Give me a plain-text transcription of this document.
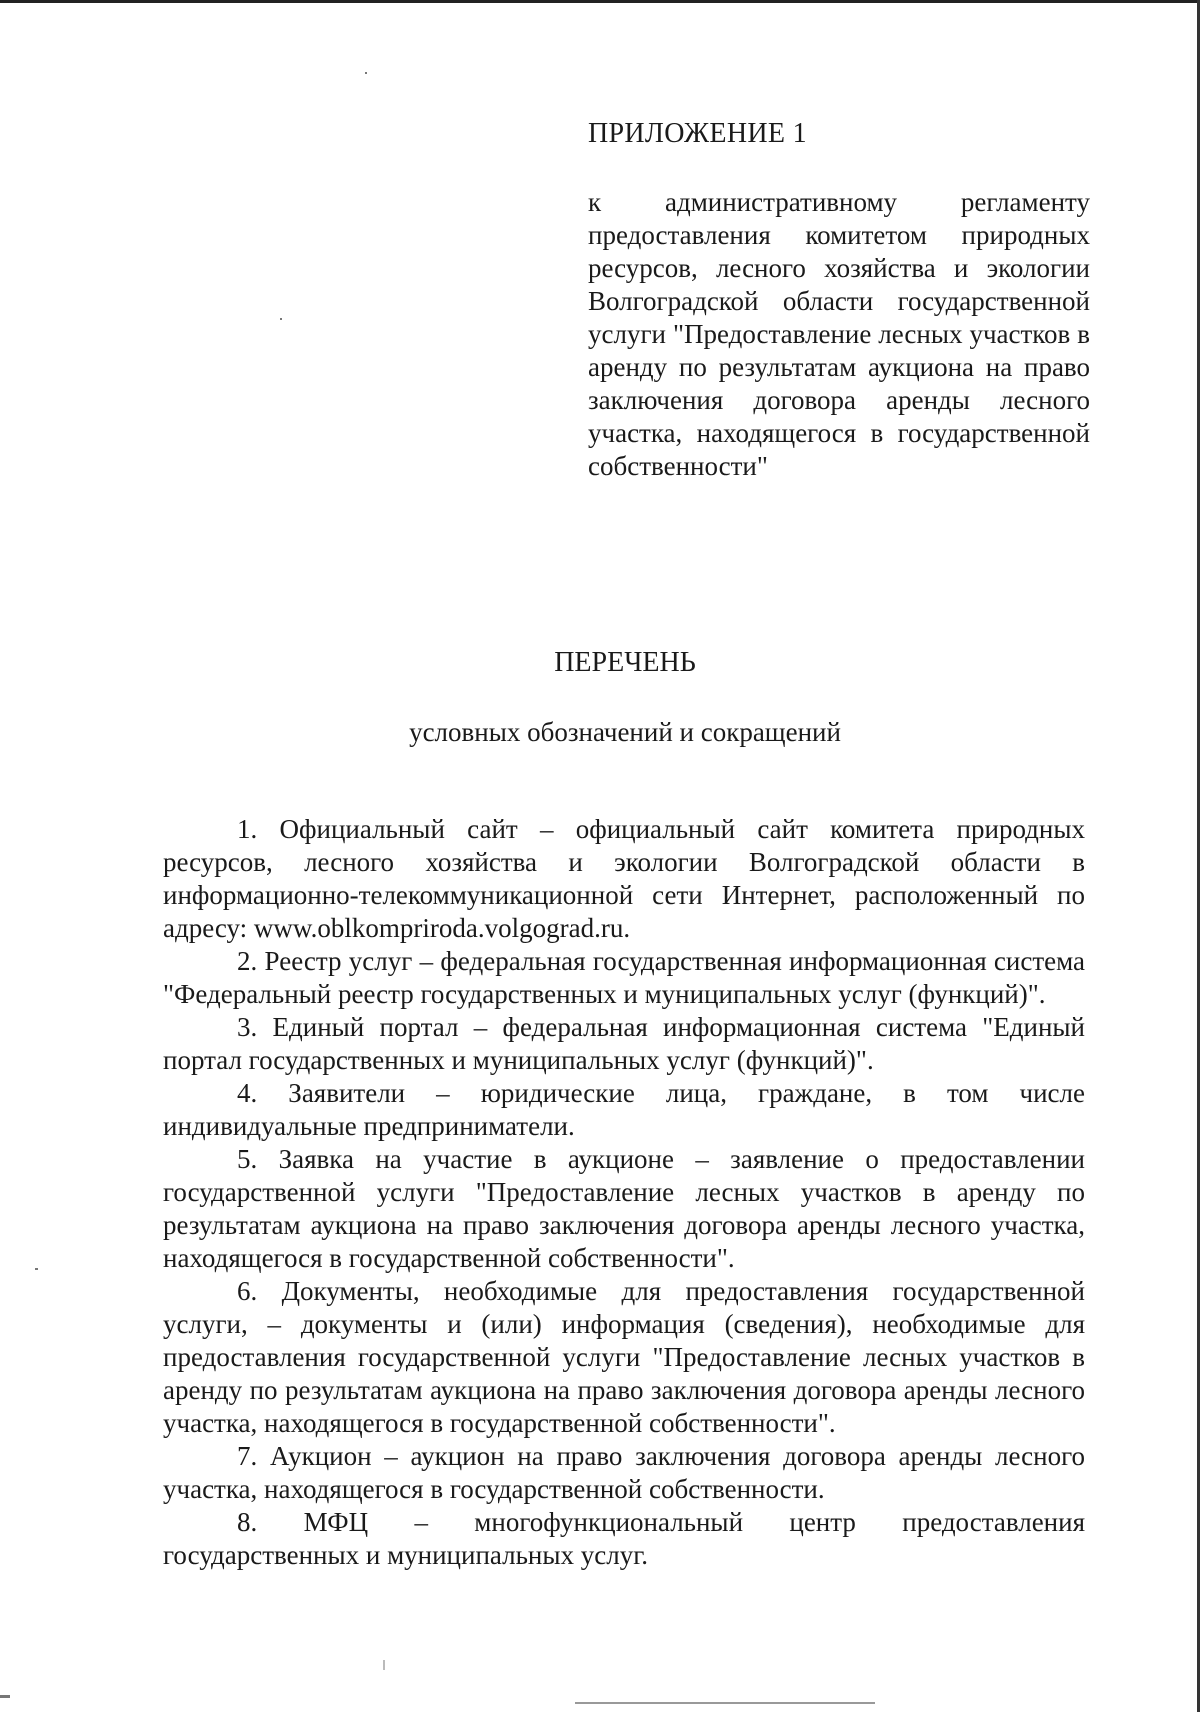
ПРИЛОЖЕНИЕ 1
к административному регламенту предоставления комитетом природных ресурсов, лесного хозяйства и экологии Волгоградской области государственной услуги "Предоставление лесных участков в аренду по результатам аукциона на право заключения договора аренды лесного участка, находящегося в государственной собственности"
ПЕРЕЧЕНЬ
условных обозначений и сокращений

1. Официальный сайт – официальный сайт комитета природных ресурсов, лесного хозяйства и экологии Волгоградской области в информационно-телекоммуникационной сети Интернет, расположенный по адресу: www.oblkompriroda.volgograd.ru.

2. Реестр услуг – федеральная государственная информационная система "Федеральный реестр государственных и муниципальных услуг (функций)".

3. Единый портал – федеральная информационная система "Единый портал государственных и муниципальных услуг (функций)".

4. Заявители – юридические лица, граждане, в том числе индивидуальные предприниматели.

5. Заявка на участие в аукционе – заявление о предоставлении государственной услуги "Предоставление лесных участков в аренду по результатам аукциона на право заключения договора аренды лесного участка, находящегося в государственной собственности".

6. Документы, необходимые для предоставления государственной услуги, – документы и (или) информация (сведения), необходимые для предоставления государственной услуги "Предоставление лесных участков в аренду по результатам аукциона на право заключения договора аренды лесного участка, находящегося в государственной собственности".

7. Аукцион – аукцион на право заключения договора аренды лесного участка, находящегося в государственной собственности.

8. МФЦ – многофункциональный центр предоставления государственных и муниципальных услуг.
